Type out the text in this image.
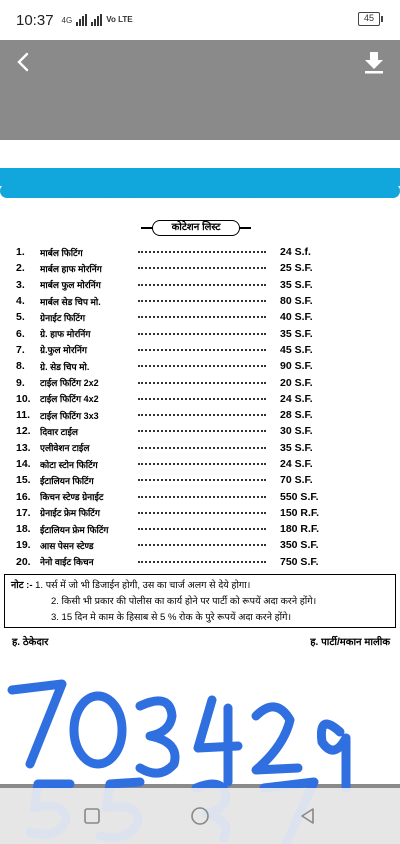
10:37 4G	Vo LTE	45
कोटेशन लिस्ट
1.	मार्बल फिटिंग	24 S.f.
2.	मार्बल हाफ मोरनिंग	25 S.F.
3.	मार्बल फुल मोरनिंग	35 S.F.
4.	मार्बल सेड चिप मो.	80 S.F.
5.	ग्रेनाईट फिटिंग	40 S.F.
6.	ग्रे. हाफ मोरनिंग	35 S.F.
7.	ग्रे.फुल मोरनिंग	45 S.F.
8.	ग्रे. सेड चिप मो.	90 S.F.
9.	टाईल फिटिंग 2x2	20 S.F.
10.	टाईल फिटिंग 4x2	24 S.F.
11.	टाईल फिटिंग 3x3	28 S.F.
12.	दिवार टाईल	30 S.F.
13.	एलीवेशन टाईल	35 S.F.
14.	कोटा स्टोन फिटिंग	24 S.F.
15.	ईटालियन फिटिंग	70 S.F.
16.	किचन स्टेण्ड ग्रेनाईट	550 S.F.
17.	ग्रेनाईट फ्रेम फिटिंग	150 R.F.
18.	ईटालियन फ्रेम फिटिंग	180 R.F.
19.	आस पेसन स्टेण्ड	350 S.F.
20.	नेनो वाईट किचन	750 S.F.
नोट :- 1. पर्स में जो भी डिजाईन होगी, उस का चार्ज अलग से देये होगा।
2. किसी भी प्रकार की पोलीस का कार्य होने पर पार्टी को रूपयें अदा करने होंगे।
3. 15 दिन मे काम के हिसाब से 5 % रोक के पुरे रूपयें अदा करने होंगे।
ह. ठेकेदार	ह. पार्टी/मकान मालीक
